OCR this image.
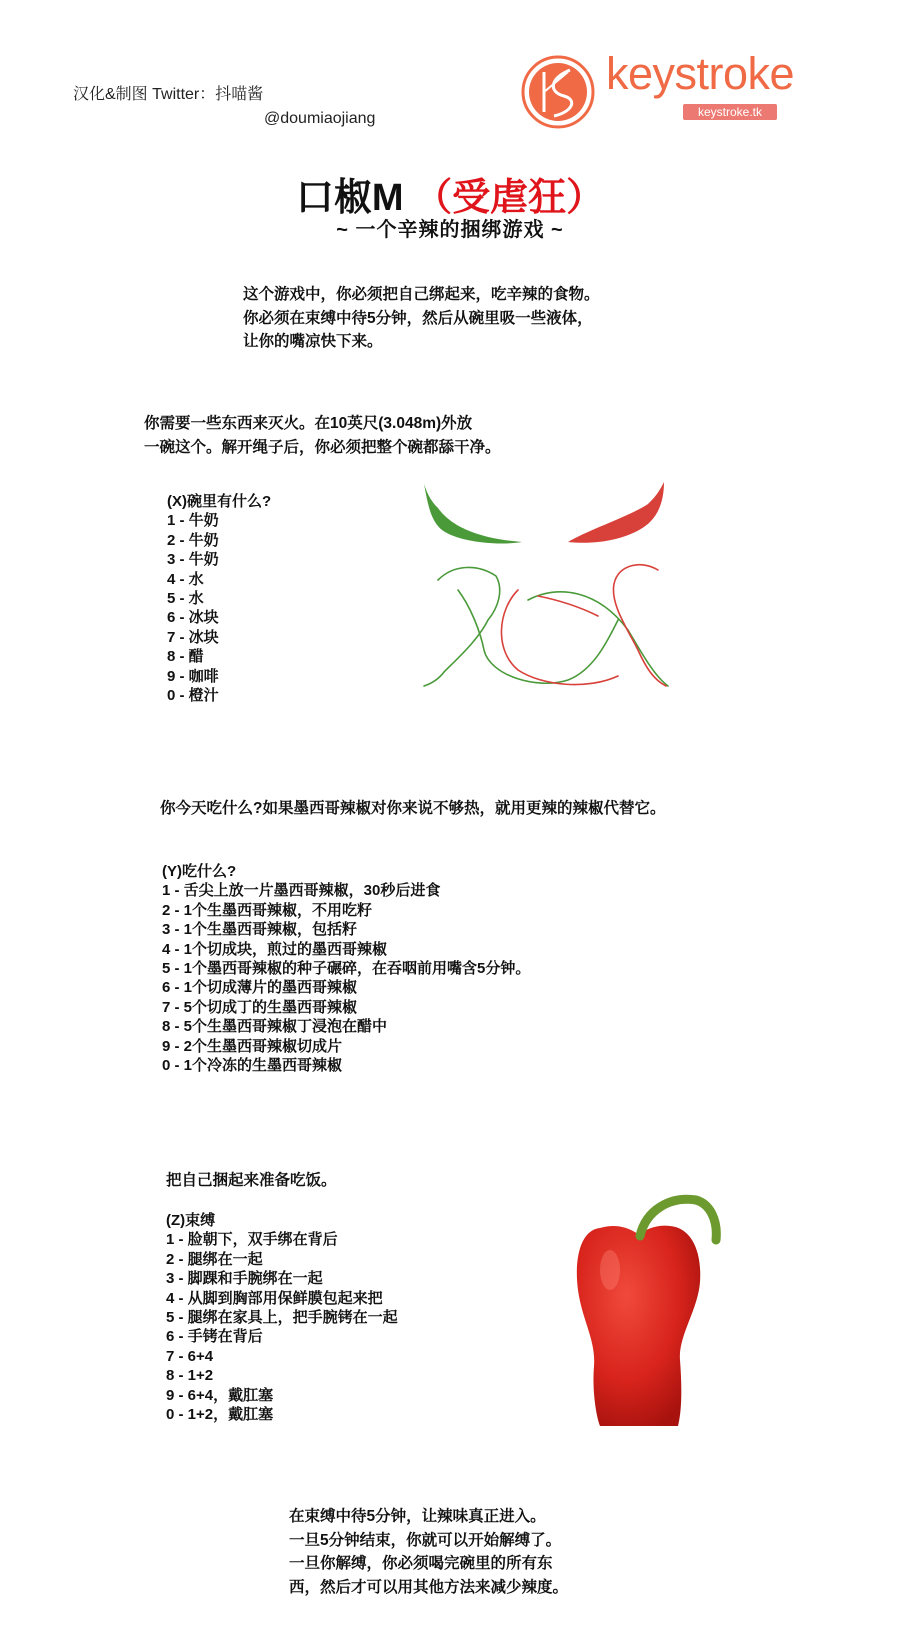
汉化&制图 Twitter：抖喵酱
@doumiaojiang
keystroke
keystroke.tk
口椒M （受虐狂）
~ 一个辛辣的捆绑游戏 ~
这个游戏中，你必须把自己绑起来，吃辛辣的食物。
你必须在束缚中待5分钟，然后从碗里吸一些液体，
让你的嘴凉快下来。
你需要一些东西来灭火。在10英尺(3.048m)外放
一碗这个。解开绳子后，你必须把整个碗都舔干净。
(X)碗里有什么?
1 - 牛奶
2 - 牛奶
3 - 牛奶
4 - 水
5 - 水
6 - 冰块
7 - 冰块
8 - 醋
9 - 咖啡
0 - 橙汁
你今天吃什么?如果墨西哥辣椒对你来说不够热，就用更辣的辣椒代替它。
(Y)吃什么?
1 - 舌尖上放一片墨西哥辣椒，30秒后进食
2 - 1个生墨西哥辣椒，不用吃籽
3 - 1个生墨西哥辣椒，包括籽
4 - 1个切成块，煎过的墨西哥辣椒
5 - 1个墨西哥辣椒的种子碾碎，在吞咽前用嘴含5分钟。
6 - 1个切成薄片的墨西哥辣椒
7 - 5个切成丁的生墨西哥辣椒
8 - 5个生墨西哥辣椒丁浸泡在醋中
9 - 2个生墨西哥辣椒切成片
0 - 1个冷冻的生墨西哥辣椒
把自己捆起来准备吃饭。
(Z)束缚
1 - 脸朝下，双手绑在背后
2 - 腿绑在一起
3 - 脚踝和手腕绑在一起
4 - 从脚到胸部用保鲜膜包起来把
5 - 腿绑在家具上，把手腕铐在一起
6 - 手铐在背后
7 - 6+4
8 - 1+2
9 - 6+4，戴肛塞
0 - 1+2，戴肛塞
在束缚中待5分钟，让辣味真正进入。
一旦5分钟结束，你就可以开始解缚了。
一旦你解缚，你必须喝完碗里的所有东
西，然后才可以用其他方法来减少辣度。
